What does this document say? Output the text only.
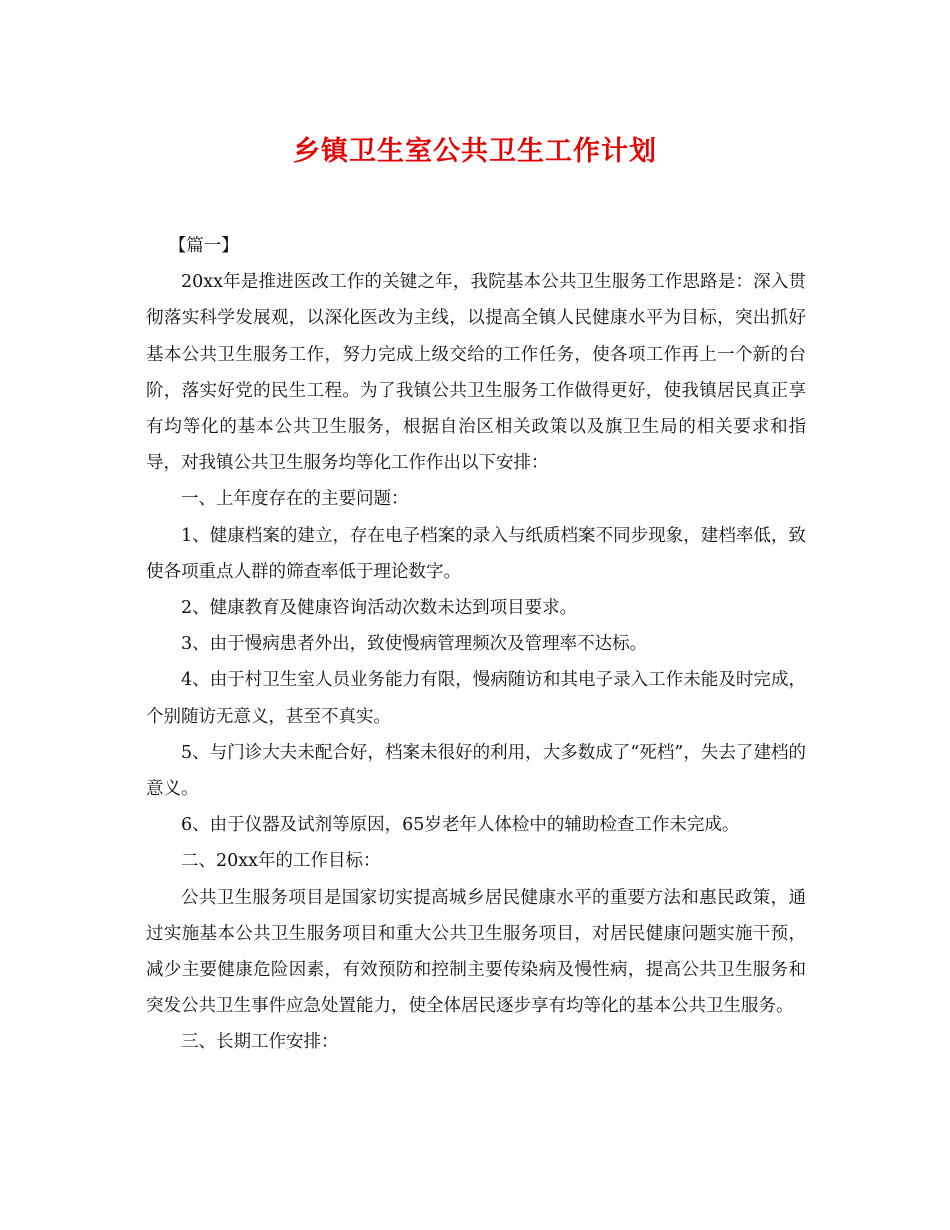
乡镇卫生室公共卫生工作计划

【篇一】

20xx年是推进医改工作的关键之年，我院基本公共卫生服务工作思路是：深入贯彻落实科学发展观，以深化医改为主线，以提高全镇人民健康水平为目标，突出抓好基本公共卫生服务工作，努力完成上级交给的工作任务，使各项工作再上一个新的台阶，落实好党的民生工程。为了我镇公共卫生服务工作做得更好，使我镇居民真正享有均等化的基本公共卫生服务，根据自治区相关政策以及旗卫生局的相关要求和指导，对我镇公共卫生服务均等化工作作出以下安排：

一、上年度存在的主要问题：

1、健康档案的建立，存在电子档案的录入与纸质档案不同步现象，建档率低，致使各项重点人群的筛查率低于理论数字。

2、健康教育及健康咨询活动次数未达到项目要求。

3、由于慢病患者外出，致使慢病管理频次及管理率不达标。

4、由于村卫生室人员业务能力有限，慢病随访和其电子录入工作未能及时完成，个别随访无意义，甚至不真实。

5、与门诊大夫未配合好，档案未很好的利用，大多数成了“死档”，失去了建档的意义。

6、由于仪器及试剂等原因，65岁老年人体检中的辅助检查工作未完成。

二、20xx年的工作目标：

公共卫生服务项目是国家切实提高城乡居民健康水平的重要方法和惠民政策，通过实施基本公共卫生服务项目和重大公共卫生服务项目，对居民健康问题实施干预，减少主要健康危险因素，有效预防和控制主要传染病及慢性病，提高公共卫生服务和突发公共卫生事件应急处置能力，使全体居民逐步享有均等化的基本公共卫生服务。

三、长期工作安排：
